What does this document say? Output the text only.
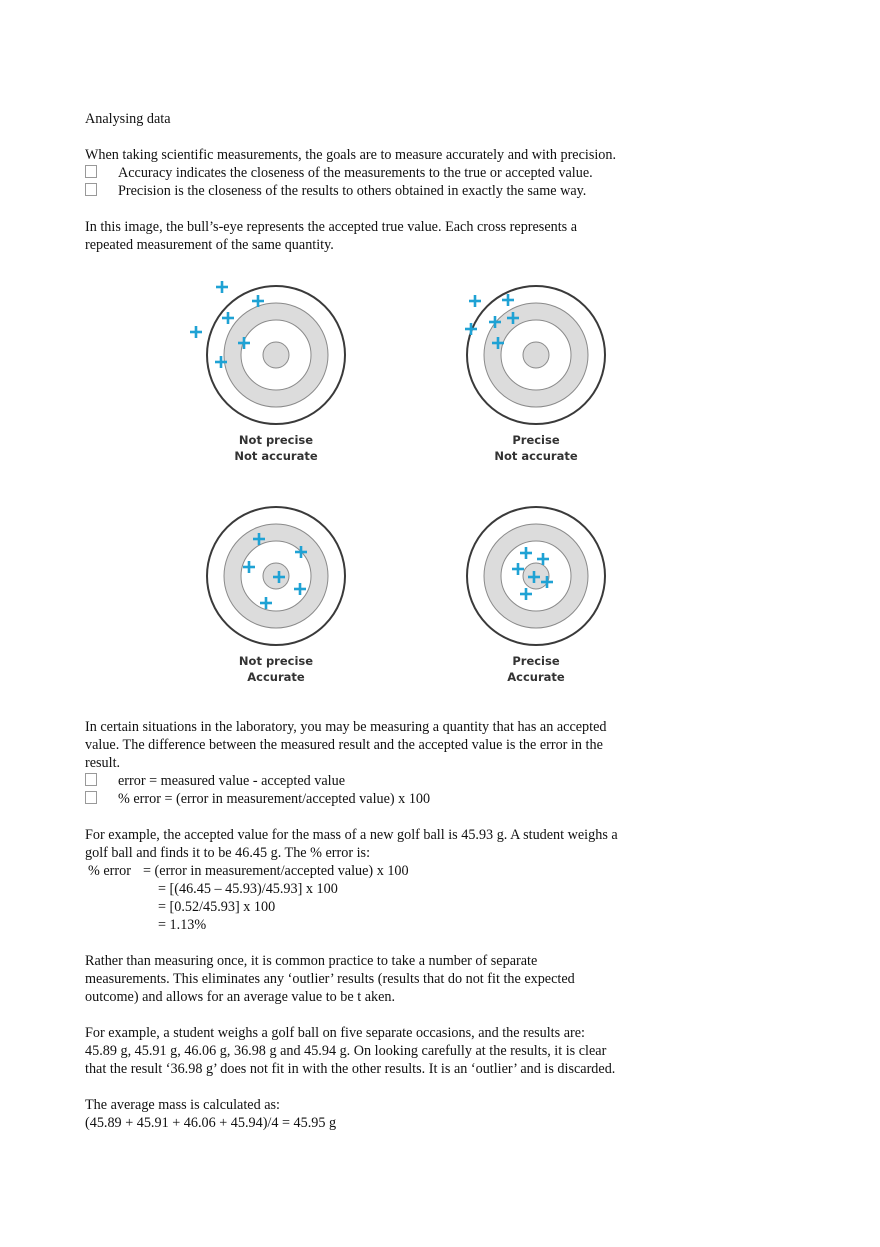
Analysing data

When taking scientific measurements, the goals are to measure accurately and with precision.

Accuracy indicates the closeness of the measurements to the true or accepted value.
Precision is the closeness of the results to others obtained in exactly the same way.

In this image, the bull’s-eye represents the accepted true value. Each cross represents a

repeated measurement of the same quantity.

Not precise
Not accurate
Precise
Not accurate
Not precise
Accurate
Precise
Accurate

In certain situations in the laboratory, you may be measuring a quantity that has an accepted

value. The difference between the measured result and the accepted value is the error in the

result.

error = measured value - accepted value
% error = (error in measurement/accepted value) x 100

For example, the accepted value for the mass of a new golf ball is 45.93 g. A student weighs a

golf ball and finds it to be 46.45 g. The % error is:

% error = (error in measurement/accepted value) x 100
= [(46.45 – 45.93)/45.93] x 100
= [0.52/45.93] x 100
= 1.13%

Rather than measuring once, it is common practice to take a number of separate

measurements. This eliminates any ‘outlier’ results (results that do not fit the expected

outcome) and allows for an average value to be t aken.

For example, a student weighs a golf ball on five separate occasions, and the results are:

45.89 g, 45.91 g, 46.06 g, 36.98 g and 45.94 g. On looking carefully at the results, it is clear

that the result ‘36.98 g’ does not fit in with the other results. It is an ‘outlier’ and is discarded.

The average mass is calculated as:

(45.89 + 45.91 + 46.06 + 45.94)/4 = 45.95 g
